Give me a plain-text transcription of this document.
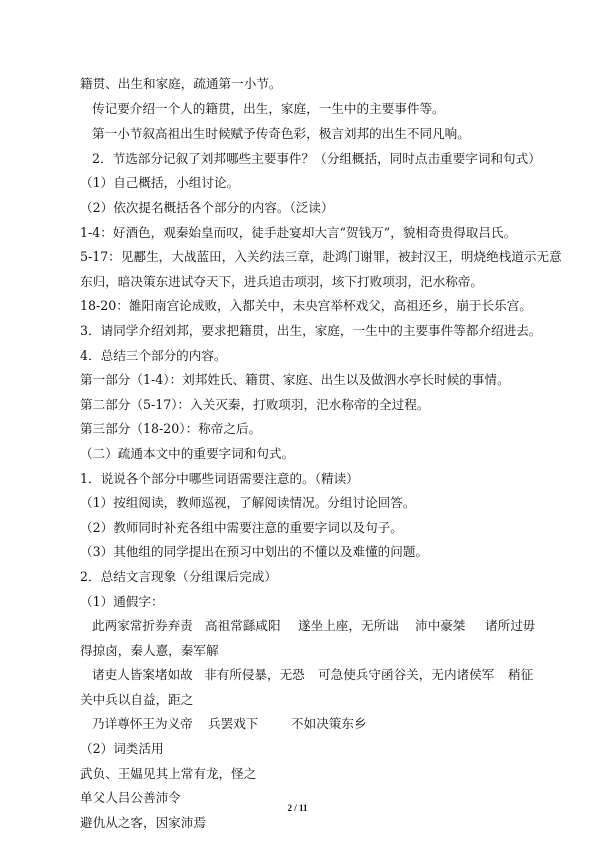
籍贯、出生和家庭，疏通第一小节。
传记要介绍一个人的籍贯，出生，家庭，一生中的主要事件等。
第一小节叙高祖出生时候赋予传奇色彩，极言刘邦的出生不同凡响。
2．节选部分记叙了刘邦哪些主要事件？（分组概括，同时点击重要字词和句式）
（1）自己概括，小组讨论。
（2）依次提名概括各个部分的内容。（泛读）
1-4：好酒色，观秦始皇而叹，徒手赴宴却大言“贺钱万”，貌相奇贵得取吕氏。
5-17：见酈生，大战蓝田，入关约法三章，赴鸿门谢罪，被封汉王，明烧绝栈道示无意
东归，暗决策东进试夺天下，进兵追击项羽，垓下打败项羽，汜水称帝。
18-20：雒阳南宫论成败，入都关中，未央宫举杯戏父，高祖还乡，崩于长乐宫。
3．请同学介绍刘邦，要求把籍贯，出生，家庭，一生中的主要事件等都介绍进去。
4．总结三个部分的内容。
第一部分（1-4）：刘邦姓氏、籍贯、家庭、出生以及做泗水亭长时候的事情。
第二部分（5-17）：入关灭秦，打败项羽，汜水称帝的全过程。
第三部分（18-20）：称帝之后。
（二）疏通本文中的重要字词和句式。
1．说说各个部分中哪些词语需要注意的。（精读）
（1）按组阅读，教师巡视，了解阅读情况。分组讨论回答。
（2）教师同时补充各组中需要注意的重要字词以及句子。
（3）其他组的同学提出在预习中划出的不懂以及难懂的问题。
2．总结文言现象（分组课后完成）
（1）通假字：
此两家常折券弃责 高祖常繇咸阳 遂坐上座，无所诎 沛中豪桀 诸所过毋
得掠卤，秦人憙，秦军解
诸吏人皆案堵如故 非有所侵暴，无恐 可急使兵守函谷关，无内诸侯军 稍征
关中兵以自益，距之
乃详尊怀王为义帝 兵罢戏下	不如决策东乡
（2）词类活用
武负、王媪见其上常有龙，怪之
单父人吕公善沛令
避仇从之客，因家沛焉
2 / 11
